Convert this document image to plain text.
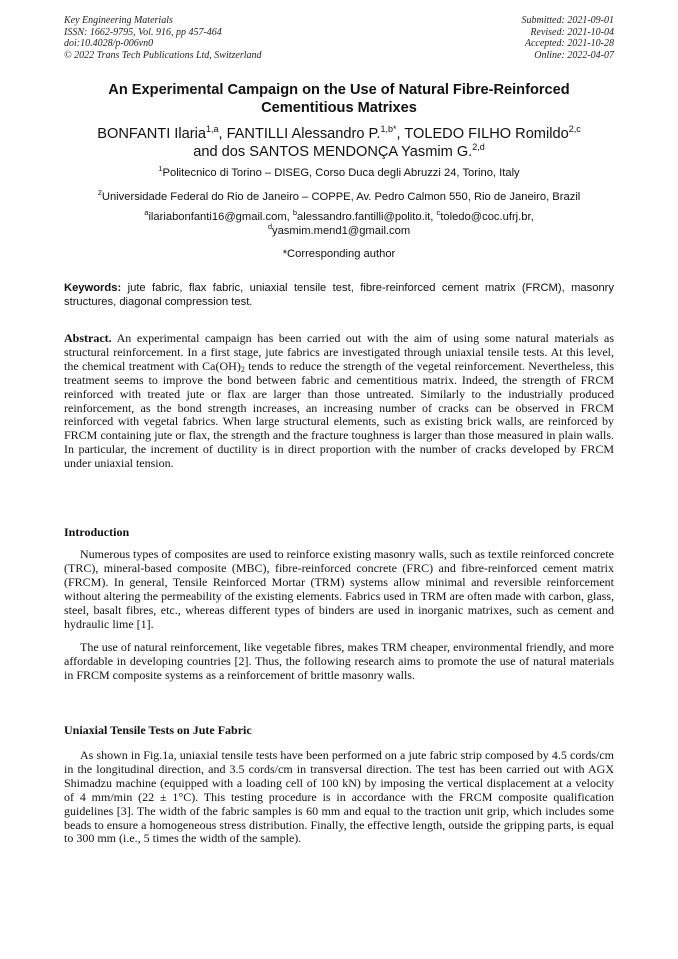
Key Engineering Materials
ISSN: 1662-9795, Vol. 916, pp 457-464
doi:10.4028/p-006vn0
© 2022 Trans Tech Publications Ltd, Switzerland
Submitted: 2021-09-01
Revised: 2021-10-04
Accepted: 2021-10-28
Online: 2022-04-07
An Experimental Campaign on the Use of Natural Fibre-Reinforced
Cementitious Matrixes
BONFANTI Ilaria$^{1,a}$, FANTILLI Alessandro P.$^{1,b*}$, TOLEDO FILHO Romildo$^{2,c}$
and dos SANTOS MENDONÇA Yasmim G.$^{2,d}$
$^1$Politecnico di Torino – DISEG, Corso Duca degli Abruzzi 24, Torino, Italy
$^2$Universidade Federal do Rio de Janeiro – COPPE, Av. Pedro Calmon 550, Rio de Janeiro, Brazil
$^a$ilariabonfanti16@gmail.com, $^b$alessandro.fantilli@polito.it, $^c$toledo@coc.ufrj.br,
$^d$yasmim.mend1@gmail.com
*Corresponding author
Keywords: jute fabric, flax fabric, uniaxial tensile test, fibre-reinforced cement matrix (FRCM), masonry structures, diagonal compression test.
Abstract. An experimental campaign has been carried out with the aim of using some natural materials as structural reinforcement. In a first stage, jute fabrics are investigated through uniaxial tensile tests. At this level, the chemical treatment with $Ca(OH)_2$ tends to reduce the strength of the vegetal reinforcement. Nevertheless, this treatment seems to improve the bond between fabric and cementitious matrix. Indeed, the strength of FRCM reinforced with treated jute or flax are larger than those untreated. Similarly to the industrially produced reinforcement, as the bond strength increases, an increasing number of cracks can be observed in FRCM reinforced with vegetal fabrics. When large structural elements, such as existing brick walls, are reinforced by FRCM containing jute or flax, the strength and the fracture toughness is larger than those measured in plain walls. In particular, the increment of ductility is in direct proportion with the number of cracks developed by FRCM under uniaxial tension.
Introduction
Numerous types of composites are used to reinforce existing masonry walls, such as textile reinforced concrete (TRC), mineral-based composite (MBC), fibre-reinforced concrete (FRC) and fibre-reinforced cement matrix (FRCM). In general, Tensile Reinforced Mortar (TRM) systems allow minimal and reversible reinforcement without altering the permeability of the existing elements. Fabrics used in TRM are often made with carbon, glass, steel, basalt fibres, etc., whereas different types of binders are used in inorganic matrixes, such as cement and hydraulic lime [1].
The use of natural reinforcement, like vegetable fibres, makes TRM cheaper, environmental friendly, and more affordable in developing countries [2]. Thus, the following research aims to promote the use of natural materials in FRCM composite systems as a reinforcement of brittle masonry walls.
Uniaxial Tensile Tests on Jute Fabric
As shown in Fig.1a, uniaxial tensile tests have been performed on a jute fabric strip composed by 4.5 cords/cm in the longitudinal direction, and 3.5 cords/cm in transversal direction. The test has been carried out with AGX Shimadzu machine (equipped with a loading cell of 100 kN) by imposing the vertical displacement at a velocity of 4 mm/min (22 ± 1°C). This testing procedure is in accordance with the FRCM composite qualification guidelines [3]. The width of the fabric samples is 60 mm and equal to the traction unit grip, which includes some beads to ensure a homogeneous stress distribution. Finally, the effective length, outside the gripping parts, is equal to 300 mm (i.e., 5 times the width of the sample).
